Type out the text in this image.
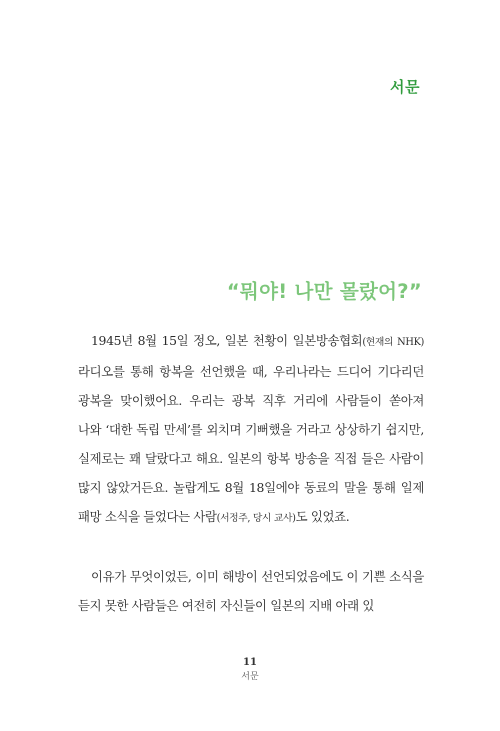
서문
“뭐야! 나만 몰랐어?”

1945년 8월 15일 정오, 일본 천황이 일본방송협회(현재의 NHK) 라디오를 통해 항복을 선언했을 때, 우리나라는 드디어 기다리던 광복을 맞이했어요. 우리는 광복 직후 거리에 사람들이 쏟아져 나와 ‘대한 독립 만세’를 외치며 기뻐했을 거라고 상상하기 쉽지만, 실제로는 꽤 달랐다고 해요. 일본의 항복 방송을 직접 들은 사람이 많지 않았거든요. 놀랍게도 8월 18일에야 동료의 말을 통해 일제 패망 소식을 들었다는 사람(서정주, 당시 교사)도 있었죠.

이유가 무엇이었든, 이미 해방이 선언되었음에도 이 기쁜 소식을 듣지 못한 사람들은 여전히 자신들이 일본의 지배 아래 있

11

서문
